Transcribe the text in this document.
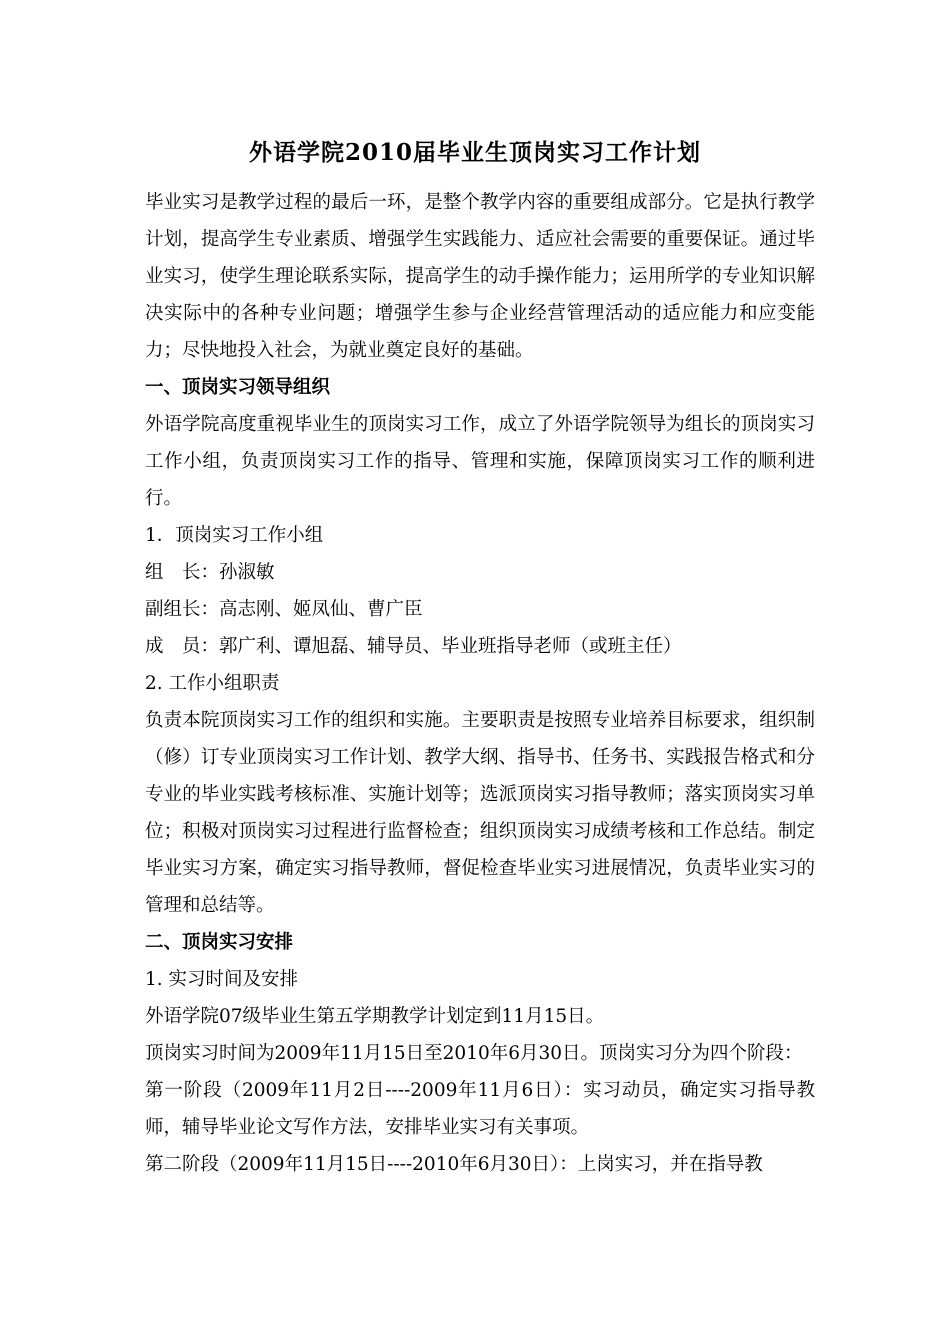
外语学院2010届毕业生顶岗实习工作计划

毕业实习是教学过程的最后一环，是整个教学内容的重要组成部分。它是执行教学计划，提高学生专业素质、增强学生实践能力、适应社会需要的重要保证。通过毕业实习，使学生理论联系实际，提高学生的动手操作能力；运用所学的专业知识解决实际中的各种专业问题；增强学生参与企业经营管理活动的适应能力和应变能力；尽快地投入社会，为就业奠定良好的基础。

一、顶岗实习领导组织

外语学院高度重视毕业生的顶岗实习工作，成立了外语学院领导为组长的顶岗实习工作小组，负责顶岗实习工作的指导、管理和实施，保障顶岗实习工作的顺利进行。

1．顶岗实习工作小组

组　长：孙淑敏

副组长：高志刚、姬凤仙、曹广臣

成　员：郭广利、谭旭磊、辅导员、毕业班指导老师（或班主任）

2. 工作小组职责

负责本院顶岗实习工作的组织和实施。主要职责是按照专业培养目标要求，组织制（修）订专业顶岗实习工作计划、教学大纲、指导书、任务书、实践报告格式和分专业的毕业实践考核标准、实施计划等；选派顶岗实习指导教师；落实顶岗实习单位；积极对顶岗实习过程进行监督检查；组织顶岗实习成绩考核和工作总结。制定毕业实习方案，确定实习指导教师，督促检查毕业实习进展情况，负责毕业实习的管理和总结等。

二、顶岗实习安排

1. 实习时间及安排

外语学院07级毕业生第五学期教学计划定到11月15日。

顶岗实习时间为2009年11月15日至2010年6月30日。顶岗实习分为四个阶段：

第一阶段（2009年11月2日----2009年11月6日）：实习动员，确定实习指导教师，辅导毕业论文写作方法，安排毕业实习有关事项。

第二阶段（2009年11月15日----2010年6月30日）：上岗实习，并在指导教
